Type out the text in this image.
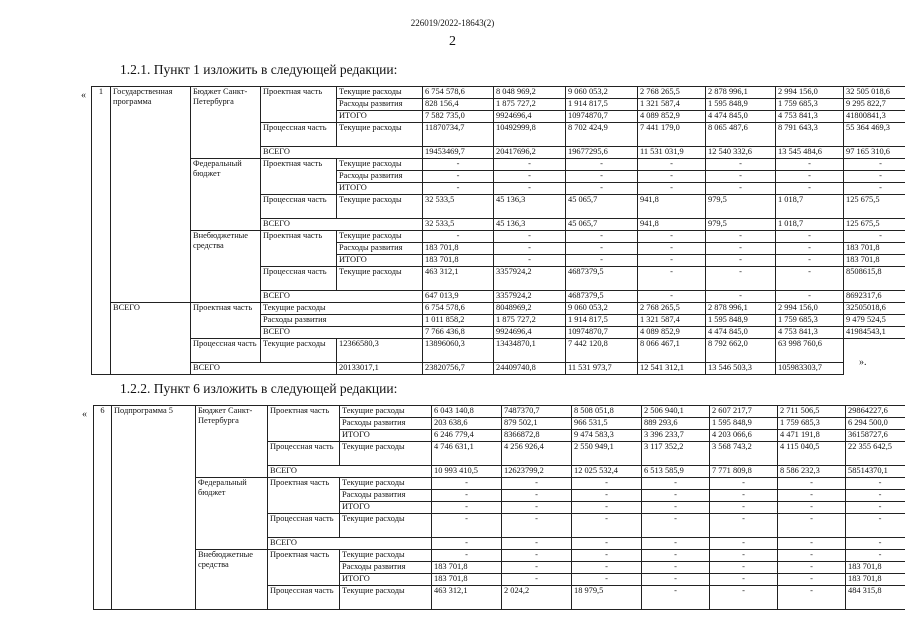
226019/2022-18643(2)
2
1.2.1. Пункт 1 изложить в следующей редакции:
« 1	Государственная программа	Бюджет Санкт-Петербурга	Проектная часть	Текущие расходы	6 754 578,6	8 048 969,2	9 060 053,2	2 768 265,5	2 878 996,1	2 994 156,0	32 505 018,6
				Расходы развития	828 156,4	1 875 727,2	1 914 817,5	1 321 587,4	1 595 848,9	1 759 685,3	9 295 822,7
				ИТОГО	7 582 735,0	9924696,4	10974870,7	4 089 852,9	4 474 845,0	4 753 841,3	41800841,3
			Процессная часть	Текущие расходы	11870734,7	10492999,8	8 702 424,9	7 441 179,0	8 065 487,6	8 791 643,3	55 364 469,3
			ВСЕГО		19453469,7	20417696,2	19677295,6	11 531 031,9	12 540 332,6	13 545 484,6	97 165 310,6
		Федеральный бюджет	Проектная часть	Текущие расходы	-	-	-	-	-	-	-
				Расходы развития	-	-	-	-	-	-	-
				ИТОГО	-	-	-	-	-	-	-
			Процессная часть	Текущие расходы	32 533,5	45 136,3	45 065,7	941,8	979,5	1 018,7	125 675,5
			ВСЕГО		32 533,5	45 136,3	45 065,7	941,8	979,5	1 018,7	125 675,5
		Внебюджетные средства	Проектная часть	Текущие расходы	-	-	-	-	-	-	-
				Расходы развития	183 701,8	-	-	-	-	-	183 701,8
				ИТОГО	183 701,8	-	-	-	-	-	183 701,8
			Процессная часть	Текущие расходы	463 312,1	3357924,2	4687379,5	-	-	-	8508615,8
			ВСЕГО		647 013,9	3357924,2	4687379,5	-	-	-	8692317,6
	ВСЕГО	Проектная часть	Текущие расходы		6 754 578,6	8048969,2	9 060 053,2	2 768 265,5	2 878 996,1	2 994 156,0	32505018,6
			Расходы развития		1 011 858,2	1 875 727,2	1 914 817,5	1 321 587,4	1 595 848,9	1 759 685,3	9 479 524,5
			ВСЕГО		7 766 436,8	9924696,4	10974870,7	4 089 852,9	4 474 845,0	4 753 841,3	41984543,1
		Процессная часть	Текущие расходы	12366580,3	13896060,3	13434870,1	7 442 120,8	8 066 467,1	8 792 662,0	63 998 760,6	
		ВСЕГО		20133017,1	23820756,7	24409740,8	11 531 973,7	12 541 312,1	13 546 503,3	105983303,7		».
1.2.2. Пункт 6 изложить в следующей редакции:
« 6	Подпрограмма 5	Бюджет Санкт-Петербурга	Проектная часть	Текущие расходы	6 043 140,8	7487370,7	8 508 051,8	2 506 940,1	2 607 217,7	2 711 506,5	29864227,6
				Расходы развития	203 638,6	879 502,1	966 531,5	889 293,6	1 595 848,9	1 759 685,3	6 294 500,0
				ИТОГО	6 246 779,4	8366872,8	9 474 583,3	3 396 233,7	4 203 066,6	4 471 191,8	36158727,6
			Процессная часть	Текущие расходы	4 746 631,1	4 256 926,4	2 550 949,1	3 117 352,2	3 568 743,2	4 115 040,5	22 355 642,5
			ВСЕГО		10 993 410,5	12623799,2	12 025 532,4	6 513 585,9	7 771 809,8	8 586 232,3	58514370,1
		Федеральный бюджет	Проектная часть	Текущие расходы	-	-	-	-	-	-	-
				Расходы развития	-	-	-	-	-	-	-
				ИТОГО	-	-	-	-	-	-	-
			Процессная часть	Текущие расходы	-	-	-	-	-	-	-
			ВСЕГО		-	-	-	-	-	-	-
		Внебюджетные средства	Проектная часть	Текущие расходы	-	-	-	-	-	-	-
				Расходы развития	183 701,8	-	-	-	-	-	183 701,8
				ИТОГО	183 701,8	-	-	-	-	-	183 701,8
			Процессная часть	Текущие расходы	463 312,1	2 024,2	18 979,5	-	-	-	484 315,8
